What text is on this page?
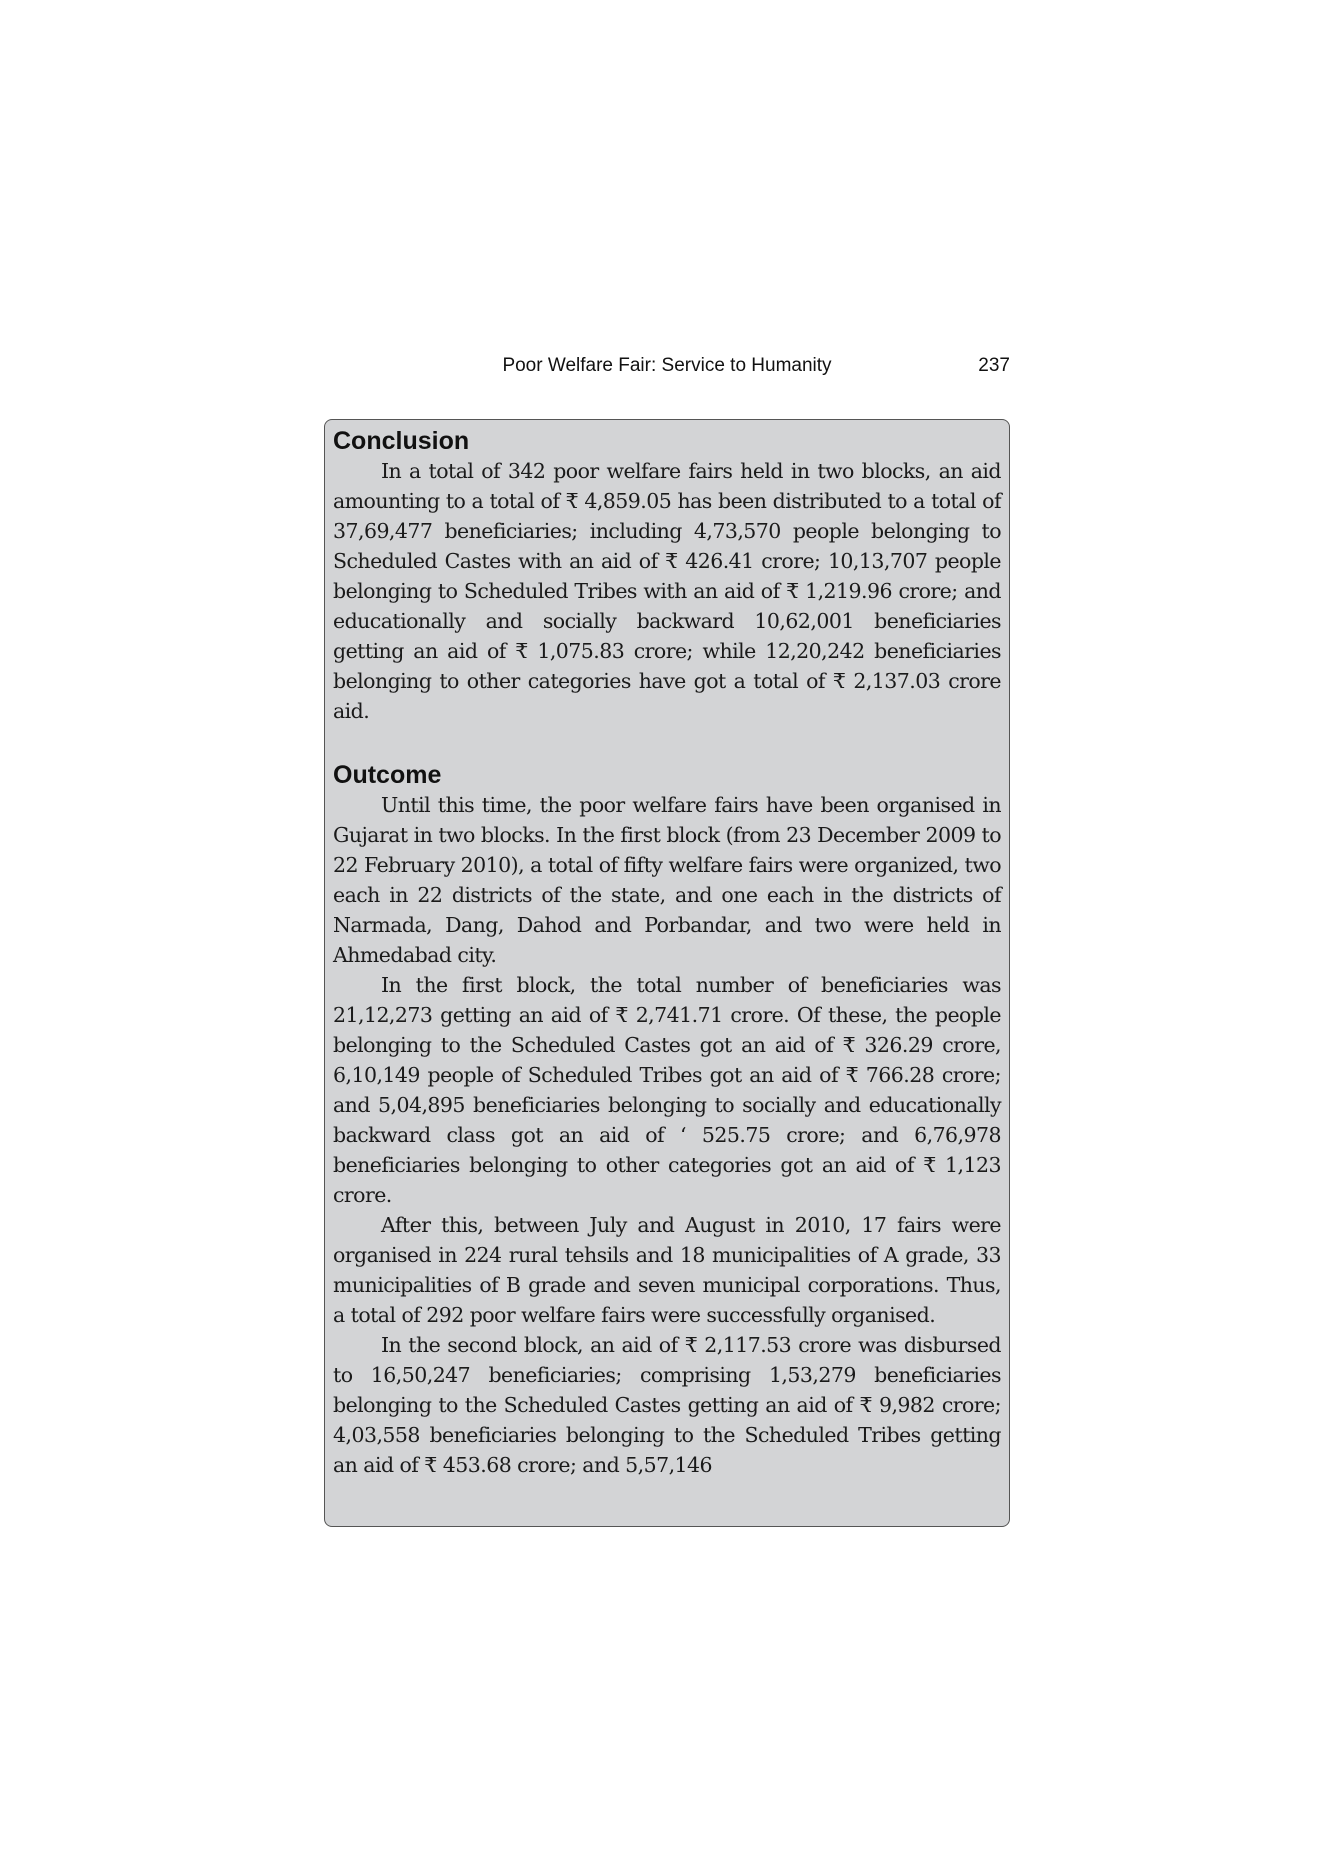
Poor Welfare Fair: Service to Humanity	237
Conclusion

In a total of 342 poor welfare fairs held in two blocks, an aid amounting to a total of ₹ 4,859.05 has been distributed to a total of 37,69,477 beneficiaries; including 4,73,570 people belonging to Scheduled Castes with an aid of ₹ 426.41 crore; 10,13,707 people belonging to Scheduled Tribes with an aid of ₹ 1,219.96 crore; and educationally and socially backward 10,62,001 beneficiaries getting an aid of ₹ 1,075.83 crore; while 12,20,242 beneficiaries belonging to other categories have got a total of ₹ 2,137.03 crore aid.

Outcome

Until this time, the poor welfare fairs have been organised in Gujarat in two blocks. In the first block (from 23 December 2009 to 22 February 2010), a total of fifty welfare fairs were organized, two each in 22 districts of the state, and one each in the districts of Narmada, Dang, Dahod and Porbandar, and two were held in Ahmedabad city.

In the first block, the total number of beneficiaries was 21,12,273 getting an aid of ₹ 2,741.71 crore. Of these, the people belonging to the Scheduled Castes got an aid of ₹ 326.29 crore, 6,10,149 people of Scheduled Tribes got an aid of ₹ 766.28 crore; and 5,04,895 beneficiaries belonging to socially and educationally backward class got an aid of ‘ 525.75 crore; and 6,76,978 beneficiaries belonging to other categories got an aid of ₹ 1,123 crore.

After this, between July and August in 2010, 17 fairs were organised in 224 rural tehsils and 18 municipalities of A grade, 33 municipalities of B grade and seven municipal corporations. Thus, a total of 292 poor welfare fairs were successfully organised.

In the second block, an aid of ₹ 2,117.53 crore was disbursed to 16,50,247 beneficiaries; comprising 1,53,279 beneficiaries belonging to the Scheduled Castes getting an aid of ₹ 9,982 crore; 4,03,558 beneficiaries belonging to the Scheduled Tribes getting an aid of ₹ 453.68 crore; and 5,57,146
